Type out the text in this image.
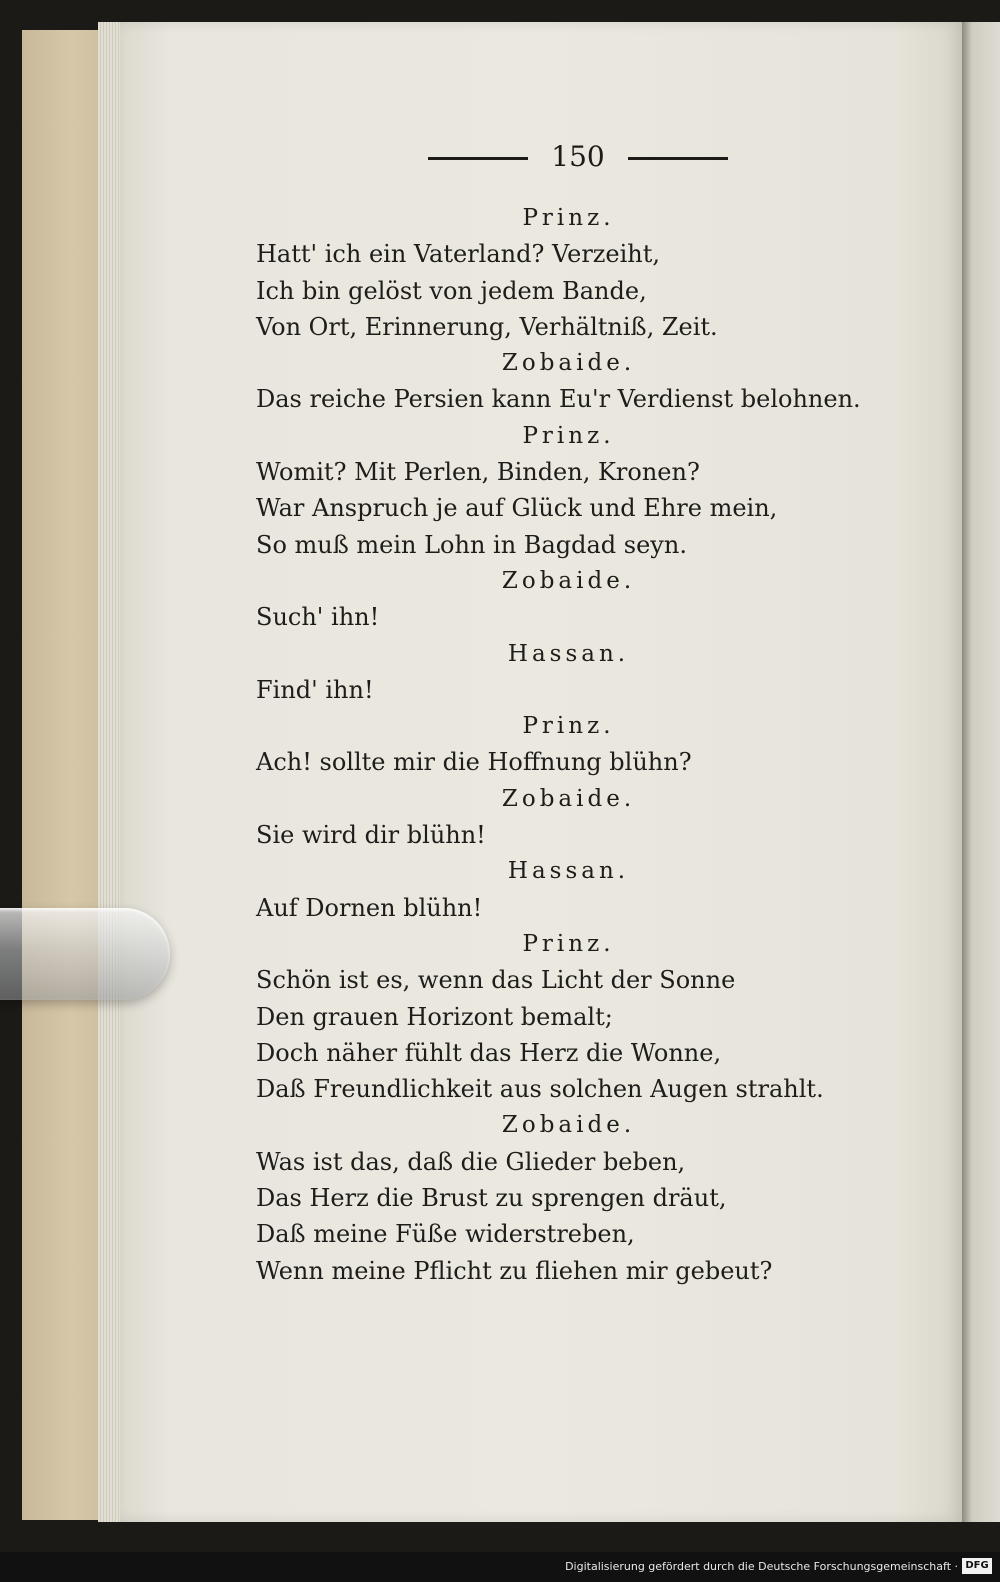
150
Prinz.
Hatt' ich ein Vaterland? Verzeiht,
Ich bin gelöst von jedem Bande,
Von Ort, Erinnerung, Verhältniß, Zeit.
Zobaide.
Das reiche Persien kann Eu'r Verdienst belohnen.
Prinz.
Womit? Mit Perlen, Binden, Kronen?
War Anspruch je auf Glück und Ehre mein,
So muß mein Lohn in Bagdad seyn.
Zobaide.
Such' ihn!
Hassan.
Find' ihn!
Prinz.
Ach! sollte mir die Hoffnung blühn?
Zobaide.
Sie wird dir blühn!
Hassan.
Auf Dornen blühn!
Prinz.
Schön ist es, wenn das Licht der Sonne
Den grauen Horizont bemalt;
Doch näher fühlt das Herz die Wonne,
Daß Freundlichkeit aus solchen Augen strahlt.
Zobaide.
Was ist das, daß die Glieder beben,
Das Herz die Brust zu sprengen dräut,
Daß meine Füße widerstreben,
Wenn meine Pflicht zu fliehen mir gebeut?
Digitalisierung gefördert durch die Deutsche Forschungsgemeinschaft · DFG
